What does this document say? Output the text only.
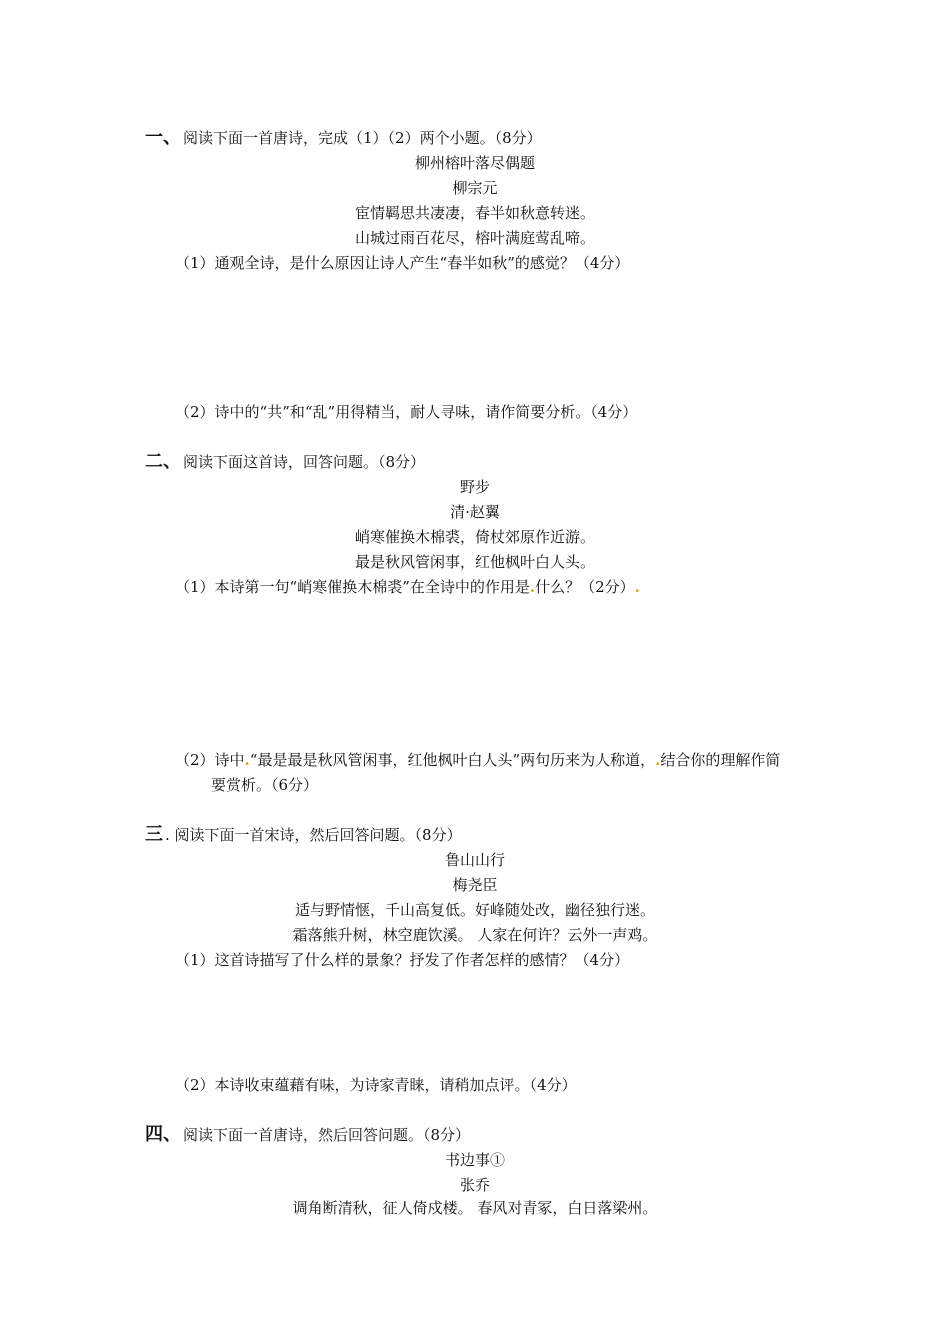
一、 阅读下面一首唐诗，完成（1）（2）两个小题。（8分）
柳州榕叶落尽偶题
柳宗元
宦情羁思共凄凄，春半如秋意转迷。
山城过雨百花尽，榕叶满庭莺乱啼。
（1）通观全诗，是什么原因让诗人产生“春半如秋”的感觉？（4分）
（2）诗中的“共”和“乱”用得精当，耐人寻味，请作简要分析。（4分）
二、 阅读下面这首诗，回答问题。（8分）
野步
清·赵翼
峭寒催换木棉裘，倚杖郊原作近游。
最是秋风管闲事，红他枫叶白人头。
（1）本诗第一句“峭寒催换木棉裘”在全诗中的作用是.什么？（2分）.
（2）诗中.“最是最是秋风管闲事，红他枫叶白人头”两句历来为人称道，.结合你的理解作简
要赏析。（6分）
三 . 阅读下面一首宋诗，然后回答问题。（8分）
鲁山山行
梅尧臣
适与野情惬，千山高复低。好峰随处改，幽径独行迷。
霜落熊升树，林空鹿饮溪。 人家在何许？云外一声鸡。
（1）这首诗描写了什么样的景象？抒发了作者怎样的感情？（4分）
（2）本诗收束蕴藉有味，为诗家青睐，请稍加点评。（4分）
四、 阅读下面一首唐诗，然后回答问题。（8分）
书边事①
张乔
调角断清秋，征人倚戍楼。 春风对青冢，白日落梁州。
